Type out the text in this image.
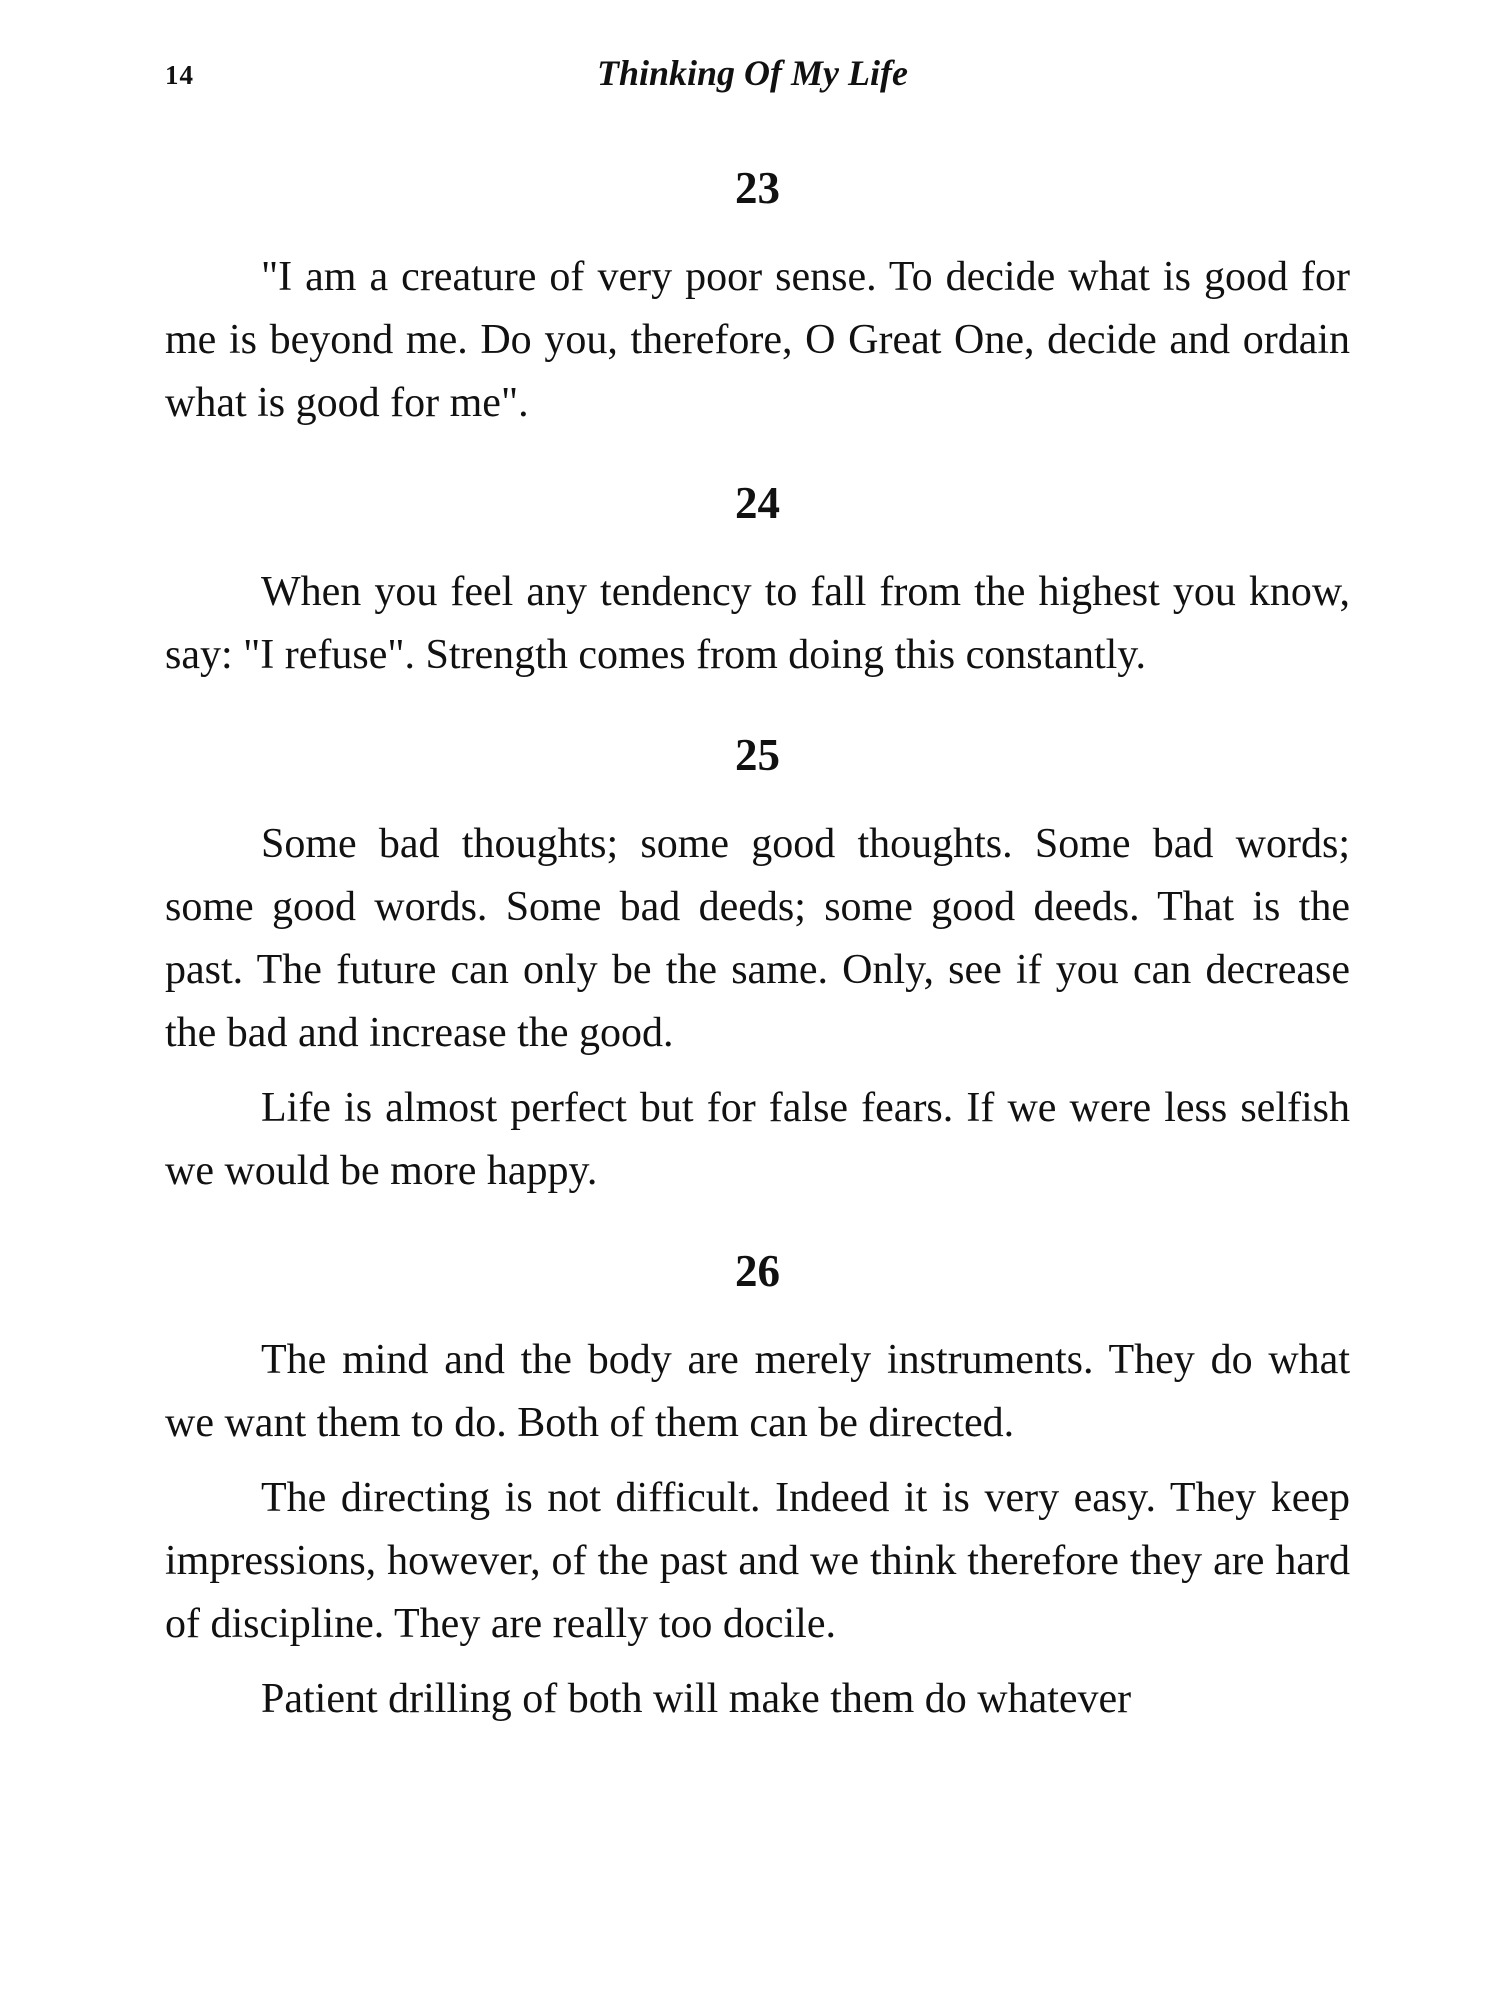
14	Thinking Of My Life
23

"I am a creature of very poor sense. To decide what is good for me is beyond me. Do you, therefore, O Great One, decide and ordain what is good for me".

24

When you feel any tendency to fall from the highest you know, say: "I refuse". Strength comes from doing this constantly.

25

Some bad thoughts; some good thoughts. Some bad words; some good words. Some bad deeds; some good deeds. That is the past. The future can only be the same. Only, see if you can decrease the bad and increase the good.

Life is almost perfect but for false fears. If we were less selfish we would be more happy.

26

The mind and the body are merely instruments. They do what we want them to do. Both of them can be directed.

The directing is not difficult. Indeed it is very easy. They keep impressions, however, of the past and we think therefore they are hard of discipline. They are really too docile.

Patient drilling of both will make them do whatever
